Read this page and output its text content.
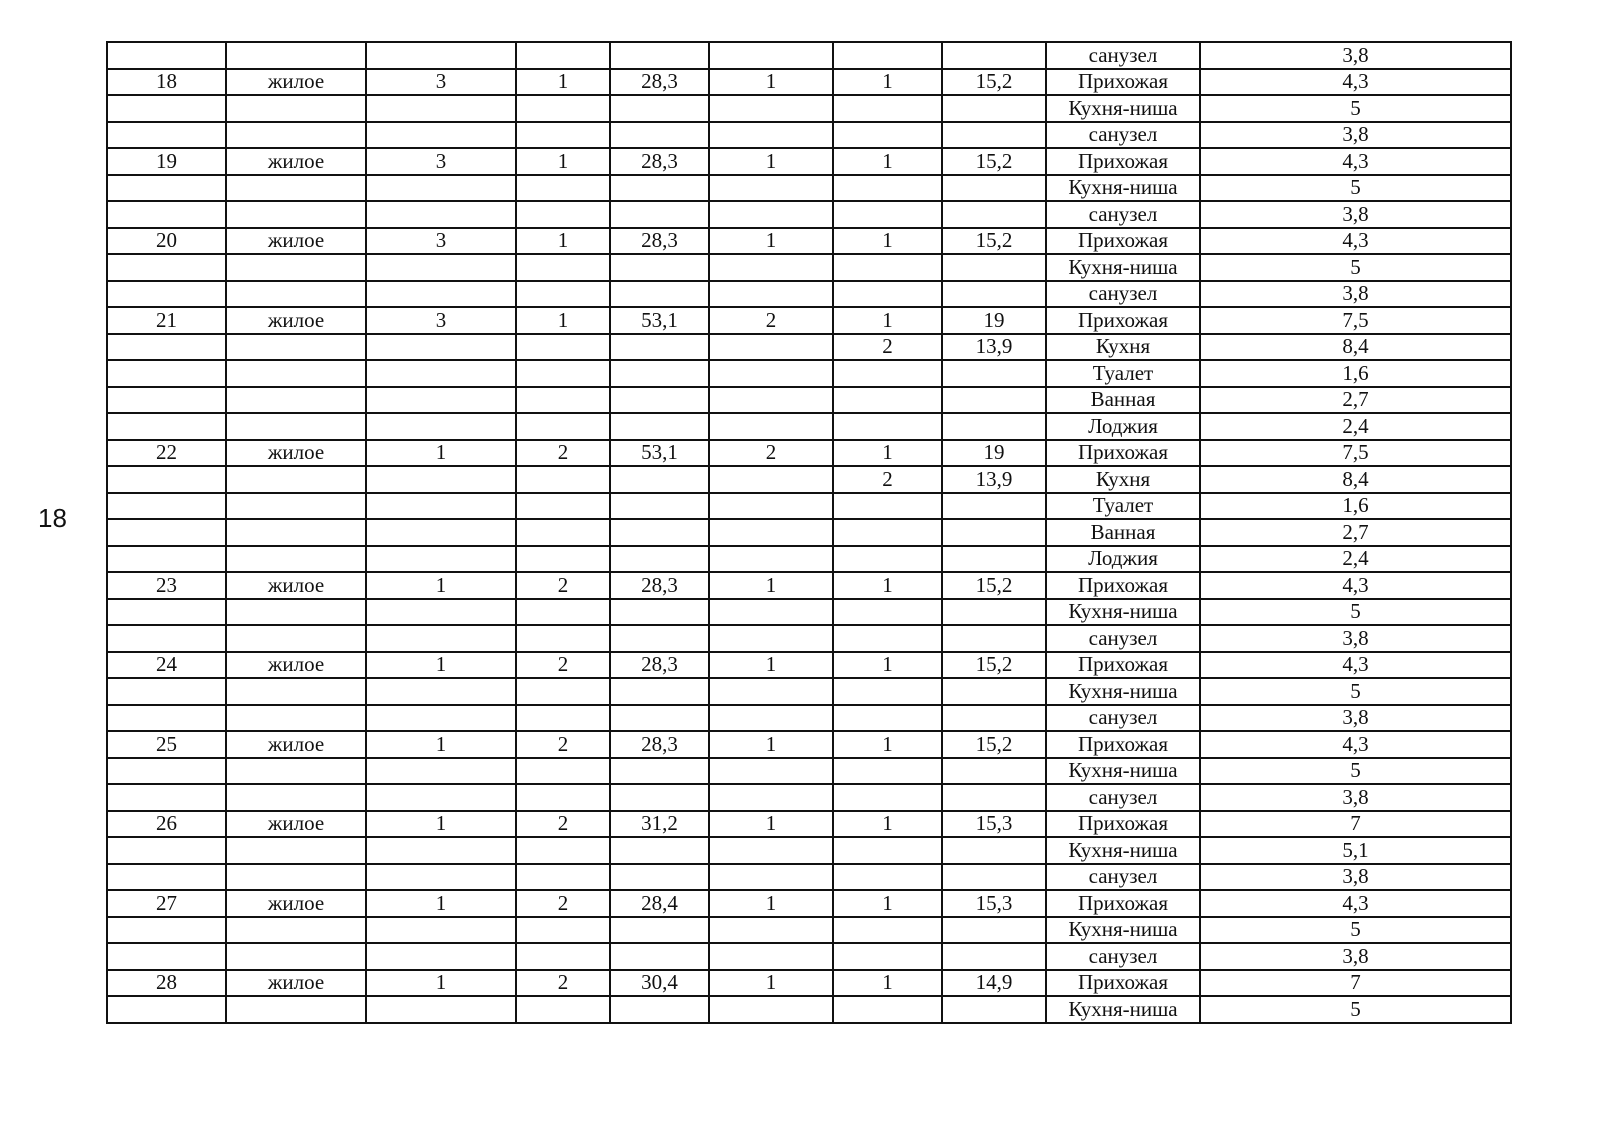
18
								санузел	3,8
18	жилое	3	1	28,3	1	1	15,2	Прихожая	4,3
								Кухня-ниша	5
								санузел	3,8
19	жилое	3	1	28,3	1	1	15,2	Прихожая	4,3
								Кухня-ниша	5
								санузел	3,8
20	жилое	3	1	28,3	1	1	15,2	Прихожая	4,3
								Кухня-ниша	5
								санузел	3,8
21	жилое	3	1	53,1	2	1	19	Прихожая	7,5
						2	13,9	Кухня	8,4
								Туалет	1,6
								Ванная	2,7
								Лоджия	2,4
22	жилое	1	2	53,1	2	1	19	Прихожая	7,5
						2	13,9	Кухня	8,4
								Туалет	1,6
								Ванная	2,7
								Лоджия	2,4
23	жилое	1	2	28,3	1	1	15,2	Прихожая	4,3
								Кухня-ниша	5
								санузел	3,8
24	жилое	1	2	28,3	1	1	15,2	Прихожая	4,3
								Кухня-ниша	5
								санузел	3,8
25	жилое	1	2	28,3	1	1	15,2	Прихожая	4,3
								Кухня-ниша	5
								санузел	3,8
26	жилое	1	2	31,2	1	1	15,3	Прихожая	7
								Кухня-ниша	5,1
								санузел	3,8
27	жилое	1	2	28,4	1	1	15,3	Прихожая	4,3
								Кухня-ниша	5
								санузел	3,8
28	жилое	1	2	30,4	1	1	14,9	Прихожая	7
								Кухня-ниша	5
